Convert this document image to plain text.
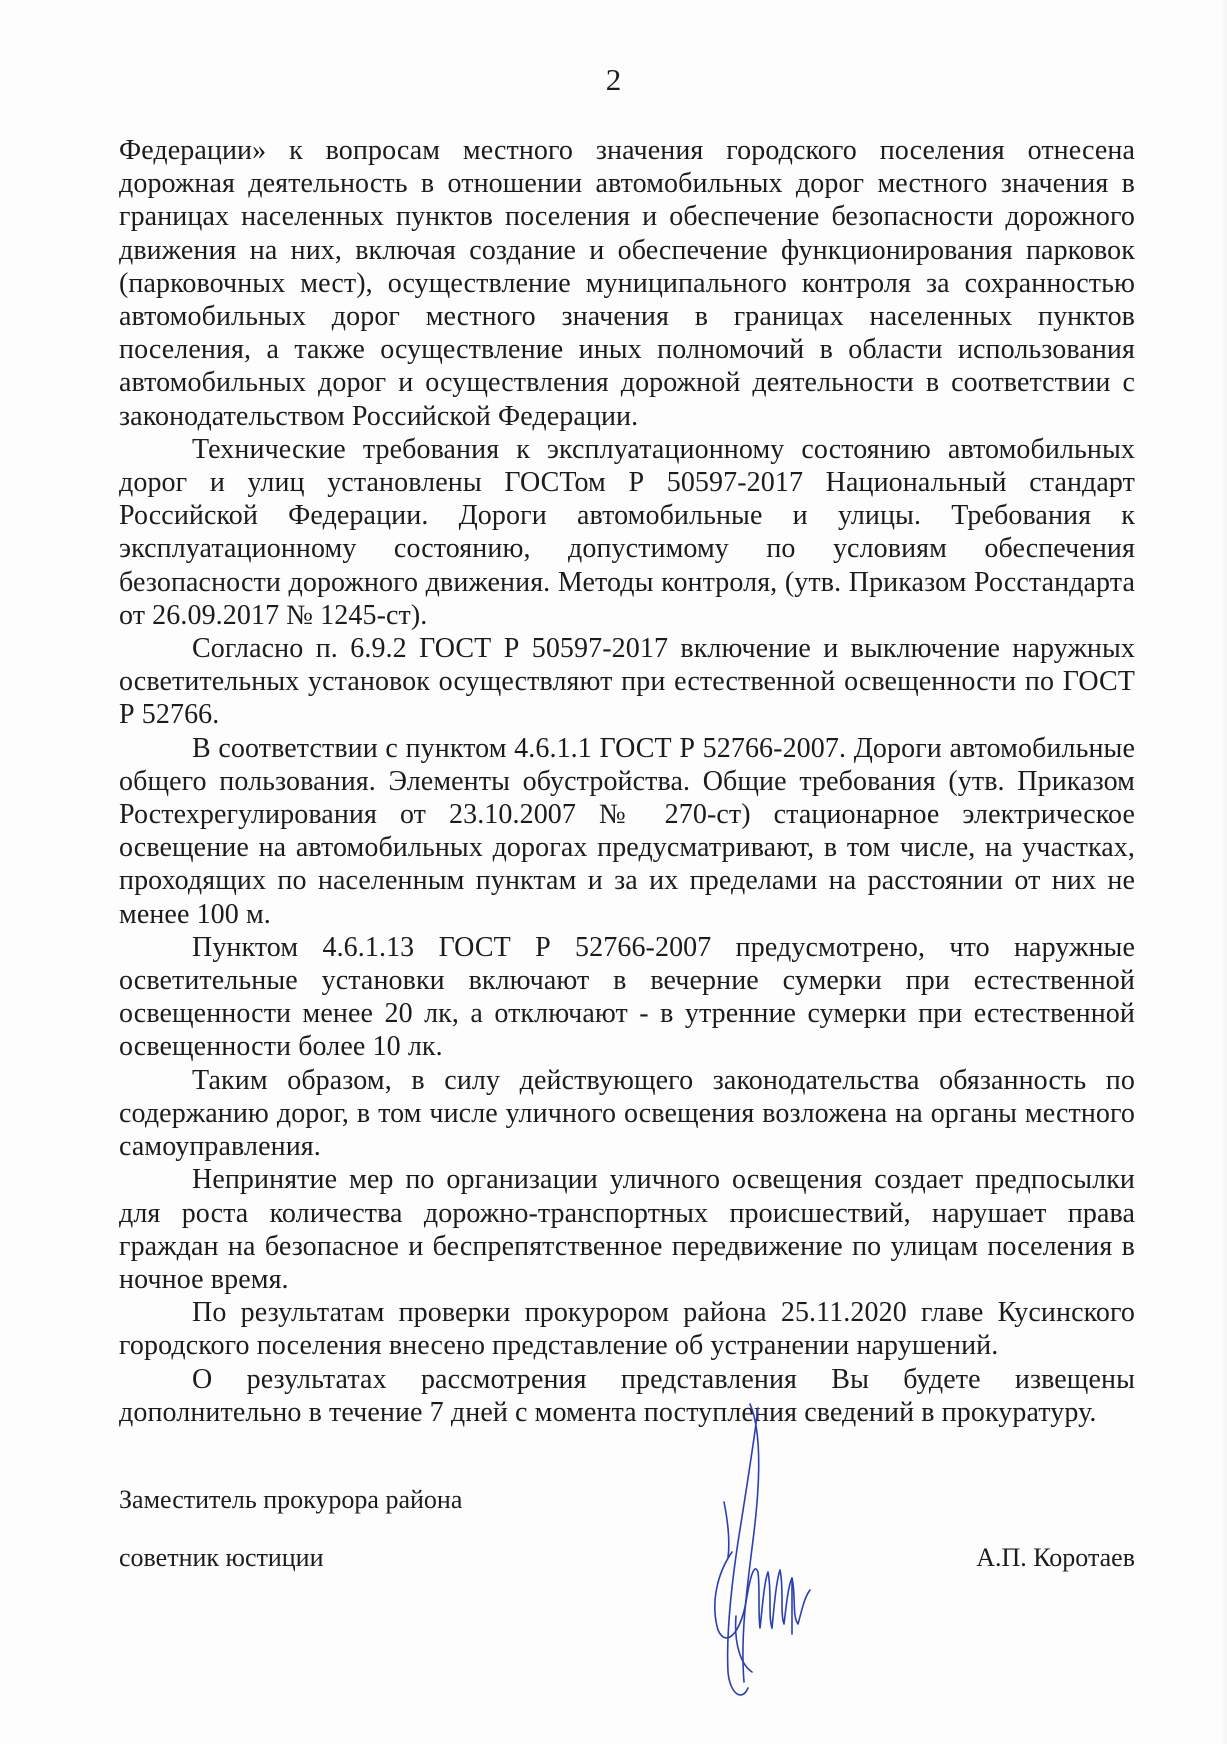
2

Федерации» к вопросам местного значения городского поселения отнесена дорожная деятельность в отношении автомобильных дорог местного значения в границах населенных пунктов поселения и обеспечение безопасности дорожного движения на них, включая создание и обеспечение функционирования парковок (парковочных мест), осуществление муниципального контроля за сохранностью автомобильных дорог местного значения в границах населенных пунктов поселения, а также осуществление иных полномочий в области использования автомобильных дорог и осуществления дорожной деятельности в соответствии с законодательством Российской Федерации.

Технические требования к эксплуатационному состоянию автомобильных дорог и улиц установлены ГОСТом Р 50597-2017 Национальный стандарт Российской Федерации. Дороги автомобильные и улицы. Требования к эксплуатационному состоянию, допустимому по условиям обеспечения безопасности дорожного движения. Методы контроля, (утв. Приказом Росстандарта от 26.09.2017 № 1245-ст).

Согласно п. 6.9.2 ГОСТ Р 50597-2017 включение и выключение наружных осветительных установок осуществляют при естественной освещенности по ГОСТ Р 52766.

В соответствии с пунктом 4.6.1.1 ГОСТ Р 52766-2007. Дороги автомобильные общего пользования. Элементы обустройства. Общие требования (утв. Приказом Ростехрегулирования от 23.10.2007 № 270-ст) стационарное электрическое освещение на автомобильных дорогах предусматривают, в том числе, на участках, проходящих по населенным пунктам и за их пределами на расстоянии от них не менее 100 м.

Пунктом 4.6.1.13 ГОСТ Р 52766-2007 предусмотрено, что наружные осветительные установки включают в вечерние сумерки при естественной освещенности менее 20 лк, а отключают - в утренние сумерки при естественной освещенности более 10 лк.

Таким образом, в силу действующего законодательства обязанность по содержанию дорог, в том числе уличного освещения возложена на органы местного самоуправления.

Непринятие мер по организации уличного освещения создает предпосылки для роста количества дорожно-транспортных происшествий, нарушает права граждан на безопасное и беспрепятственное передвижение по улицам поселения в ночное время.

По результатам проверки прокурором района 25.11.2020 главе Кусинского городского поселения внесено представление об устранении нарушений.

О результатах рассмотрения представления Вы будете извещены дополнительно в течение 7 дней с момента поступления сведений в прокуратуру.

Заместитель прокурора района
советник юстиции	А.П. Коротаев
